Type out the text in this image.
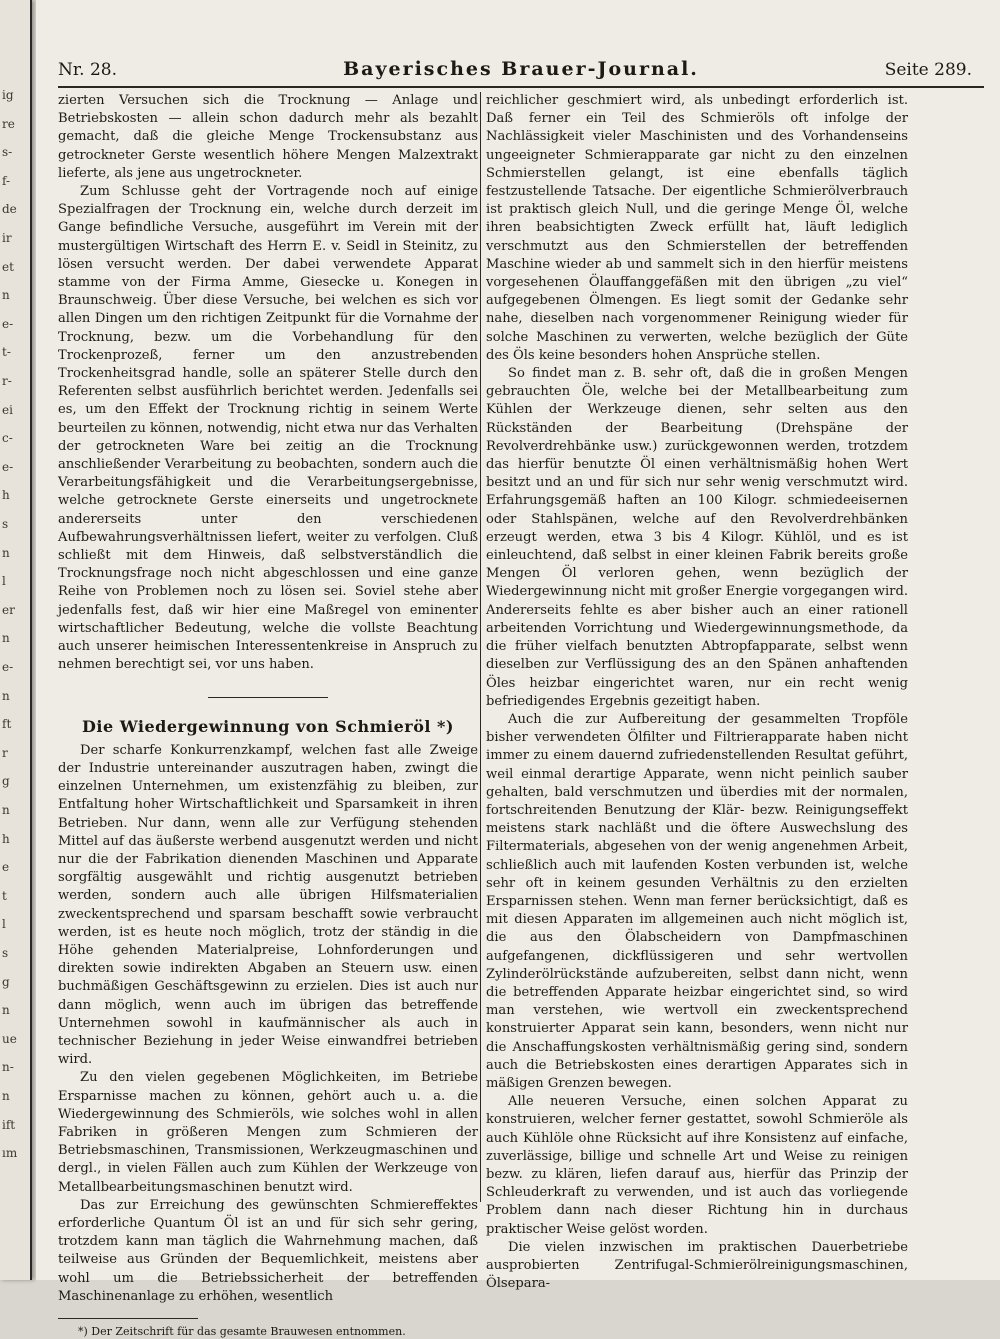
ig
re
s-
f-
de
ir
et
n
e-
t-
r-
ei
c-
e-
h
s
n
l
er
n
e-
n
ft
r
g
n
h
e
t
l
s
g
n
ue
n-
n
ift
ım
Nr. 28.	Bayerisches Brauer-Journal.	Seite 289.

zierten Versuchen sich die Trocknung — Anlage und Betriebskosten — allein schon dadurch mehr als bezahlt gemacht, daß die gleiche Menge Trockensubstanz aus getrockneter Gerste wesentlich höhere Mengen Malzextrakt lieferte, als jene aus ungetrockneter.

Zum Schlusse geht der Vortragende noch auf einige Spezialfragen der Trocknung ein, welche durch derzeit im Gange befindliche Versuche, ausgeführt im Verein mit der mustergültigen Wirtschaft des Herrn E. v. Seidl in Steinitz, zu lösen versucht werden. Der dabei verwendete Apparat stamme von der Firma Amme, Giesecke u. Konegen in Braunschweig. Über diese Versuche, bei welchen es sich vor allen Dingen um den richtigen Zeitpunkt für die Vornahme der Trocknung, bezw. um die Vorbehandlung für den Trockenprozeß, ferner um den anzustrebenden Trockenheitsgrad handle, solle an späterer Stelle durch den Referenten selbst ausführlich berichtet werden. Jedenfalls sei es, um den Effekt der Trocknung richtig in seinem Werte beurteilen zu können, notwendig, nicht etwa nur das Verhalten der getrockneten Ware bei zeitig an die Trocknung anschließender Verarbeitung zu beobachten, sondern auch die Verarbeitungsfähigkeit und die Verarbeitungsergebnisse, welche getrocknete Gerste einerseits und ungetrocknete andererseits unter den verschiedenen Aufbewahrungsverhältnissen liefert, weiter zu verfolgen. Cluß schließt mit dem Hinweis, daß selbstverständlich die Trocknungsfrage noch nicht abgeschlossen und eine ganze Reihe von Problemen noch zu lösen sei. Soviel stehe aber jedenfalls fest, daß wir hier eine Maßregel von eminenter wirtschaftlicher Bedeutung, welche die vollste Beachtung auch unserer heimischen Interessentenkreise in Anspruch zu nehmen berechtigt sei, vor uns haben.

Die Wiedergewinnung von Schmieröl *)

Der scharfe Konkurrenzkampf, welchen fast alle Zweige der Industrie untereinander auszutragen haben, zwingt die einzelnen Unternehmen, um existenzfähig zu bleiben, zur Entfaltung hoher Wirtschaftlichkeit und Sparsamkeit in ihren Betrieben. Nur dann, wenn alle zur Verfügung stehenden Mittel auf das äußerste werbend ausgenutzt werden und nicht nur die der Fabrikation dienenden Maschinen und Apparate sorgfältig ausgewählt und richtig ausgenutzt betrieben werden, sondern auch alle übrigen Hilfsmaterialien zweckentsprechend und sparsam beschafft sowie verbraucht werden, ist es heute noch möglich, trotz der ständig in die Höhe gehenden Materialpreise, Lohnforderungen und direkten sowie indirekten Abgaben an Steuern usw. einen buchmäßigen Geschäftsgewinn zu erzielen. Dies ist auch nur dann möglich, wenn auch im übrigen das betreffende Unternehmen sowohl in kaufmännischer als auch in technischer Beziehung in jeder Weise einwandfrei betrieben wird.

Zu den vielen gegebenen Möglichkeiten, im Betriebe Ersparnisse machen zu können, gehört auch u. a. die Wiedergewinnung des Schmieröls, wie solches wohl in allen Fabriken in größeren Mengen zum Schmieren der Betriebsmaschinen, Transmissionen, Werkzeugmaschinen und dergl., in vielen Fällen auch zum Kühlen der Werkzeuge von Metallbearbeitungsmaschinen benutzt wird.

Das zur Erreichung des gewünschten Schmiereffektes erforderliche Quantum Öl ist an und für sich sehr gering, trotzdem kann man täglich die Wahrnehmung machen, daß teilweise aus Gründen der Bequemlichkeit, meistens aber wohl um die Betriebssicherheit der betreffenden Maschinenanlage zu erhöhen, wesentlich

*) Der Zeitschrift für das gesamte Brauwesen entnommen.

reichlicher geschmiert wird, als unbedingt erforderlich ist. Daß ferner ein Teil des Schmieröls oft infolge der Nachlässigkeit vieler Maschinisten und des Vorhandenseins ungeeigneter Schmierapparate gar nicht zu den einzelnen Schmierstellen gelangt, ist eine ebenfalls täglich festzustellende Tatsache. Der eigentliche Schmierölverbrauch ist praktisch gleich Null, und die geringe Menge Öl, welche ihren beabsichtigten Zweck erfüllt hat, läuft lediglich verschmutzt aus den Schmierstellen der betreffenden Maschine wieder ab und sammelt sich in den hierfür meistens vorgesehenen Ölauffanggefäßen mit den übrigen „zu viel“ aufgegebenen Ölmengen. Es liegt somit der Gedanke sehr nahe, dieselben nach vorgenommener Reinigung wieder für solche Maschinen zu verwerten, welche bezüglich der Güte des Öls keine besonders hohen Ansprüche stellen.

So findet man z. B. sehr oft, daß die in großen Mengen gebrauchten Öle, welche bei der Metallbearbeitung zum Kühlen der Werkzeuge dienen, sehr selten aus den Rückständen der Bearbeitung (Drehspäne der Revolverdrehbänke usw.) zurückgewonnen werden, trotzdem das hierfür benutzte Öl einen verhältnismäßig hohen Wert besitzt und an und für sich nur sehr wenig verschmutzt wird. Erfahrungsgemäß haften an 100 Kilogr. schmiedeeisernen oder Stahlspänen, welche auf den Revolverdrehbänken erzeugt werden, etwa 3 bis 4 Kilogr. Kühlöl, und es ist einleuchtend, daß selbst in einer kleinen Fabrik bereits große Mengen Öl verloren gehen, wenn bezüglich der Wiedergewinnung nicht mit großer Energie vorgegangen wird. Andererseits fehlte es aber bisher auch an einer rationell arbeitenden Vorrichtung und Wiedergewinnungsmethode, da die früher vielfach benutzten Abtropfapparate, selbst wenn dieselben zur Verflüssigung des an den Spänen anhaftenden Öles heizbar eingerichtet waren, nur ein recht wenig befriedigendes Ergebnis gezeitigt haben.

Auch die zur Aufbereitung der gesammelten Tropföle bisher verwendeten Ölfilter und Filtrierapparate haben nicht immer zu einem dauernd zufriedenstellenden Resultat geführt, weil einmal derartige Apparate, wenn nicht peinlich sauber gehalten, bald verschmutzen und überdies mit der normalen, fortschreitenden Benutzung der Klär- bezw. Reinigungseffekt meistens stark nachläßt und die öftere Auswechslung des Filtermaterials, abgesehen von der wenig angenehmen Arbeit, schließlich auch mit laufenden Kosten verbunden ist, welche sehr oft in keinem gesunden Verhältnis zu den erzielten Ersparnissen stehen. Wenn man ferner berücksichtigt, daß es mit diesen Apparaten im allgemeinen auch nicht möglich ist, die aus den Ölabscheidern von Dampfmaschinen aufgefangenen, dickflüssigeren und sehr wertvollen Zylinderölrückstände aufzubereiten, selbst dann nicht, wenn die betreffenden Apparate heizbar eingerichtet sind, so wird man verstehen, wie wertvoll ein zweckentsprechend konstruierter Apparat sein kann, besonders, wenn nicht nur die Anschaffungskosten verhältnismäßig gering sind, sondern auch die Betriebskosten eines derartigen Apparates sich in mäßigen Grenzen bewegen.

Alle neueren Versuche, einen solchen Apparat zu konstruieren, welcher ferner gestattet, sowohl Schmieröle als auch Kühlöle ohne Rücksicht auf ihre Konsistenz auf einfache, zuverlässige, billige und schnelle Art und Weise zu reinigen bezw. zu klären, liefen darauf aus, hierfür das Prinzip der Schleuderkraft zu verwenden, und ist auch das vorliegende Problem dann nach dieser Richtung hin in durchaus praktischer Weise gelöst worden.

Die vielen inzwischen im praktischen Dauerbetriebe ausprobierten Zentrifugal-Schmierölreinigungsmaschinen, Ölsepara-
